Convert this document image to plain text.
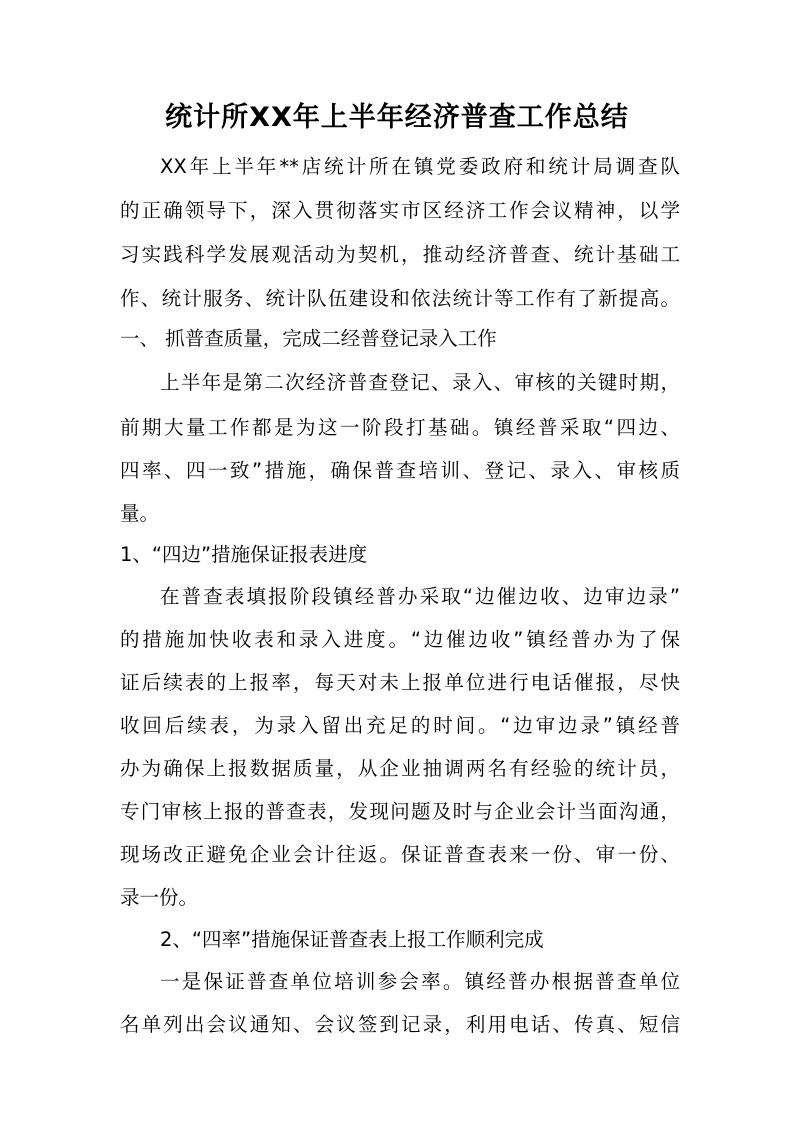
统计所XX年上半年经济普查工作总结
XX年上半年**店统计所在镇党委政府和统计局调查队
的正确领导下，深入贯彻落实市区经济工作会议精神，以学
习实践科学发展观活动为契机，推动经济普查、统计基础工
作、统计服务、统计队伍建设和依法统计等工作有了新提高。
一、 抓普查质量，完成二经普登记录入工作
上半年是第二次经济普查登记、录入、审核的关键时期，
前期大量工作都是为这一阶段打基础。镇经普采取“四边、
四率、四一致”措施，确保普查培训、登记、录入、审核质
量。
1、“四边”措施保证报表进度
在普查表填报阶段镇经普办采取“边催边收、边审边录”
的措施加快收表和录入进度。“边催边收”镇经普办为了保
证后续表的上报率，每天对未上报单位进行电话催报，尽快
收回后续表，为录入留出充足的时间。“边审边录”镇经普
办为确保上报数据质量，从企业抽调两名有经验的统计员，
专门审核上报的普查表，发现问题及时与企业会计当面沟通，
现场改正避免企业会计往返。保证普查表来一份、审一份、
录一份。
2、“四率”措施保证普查表上报工作顺利完成
一是保证普查单位培训参会率。镇经普办根据普查单位
名单列出会议通知、会议签到记录，利用电话、传真、短信
